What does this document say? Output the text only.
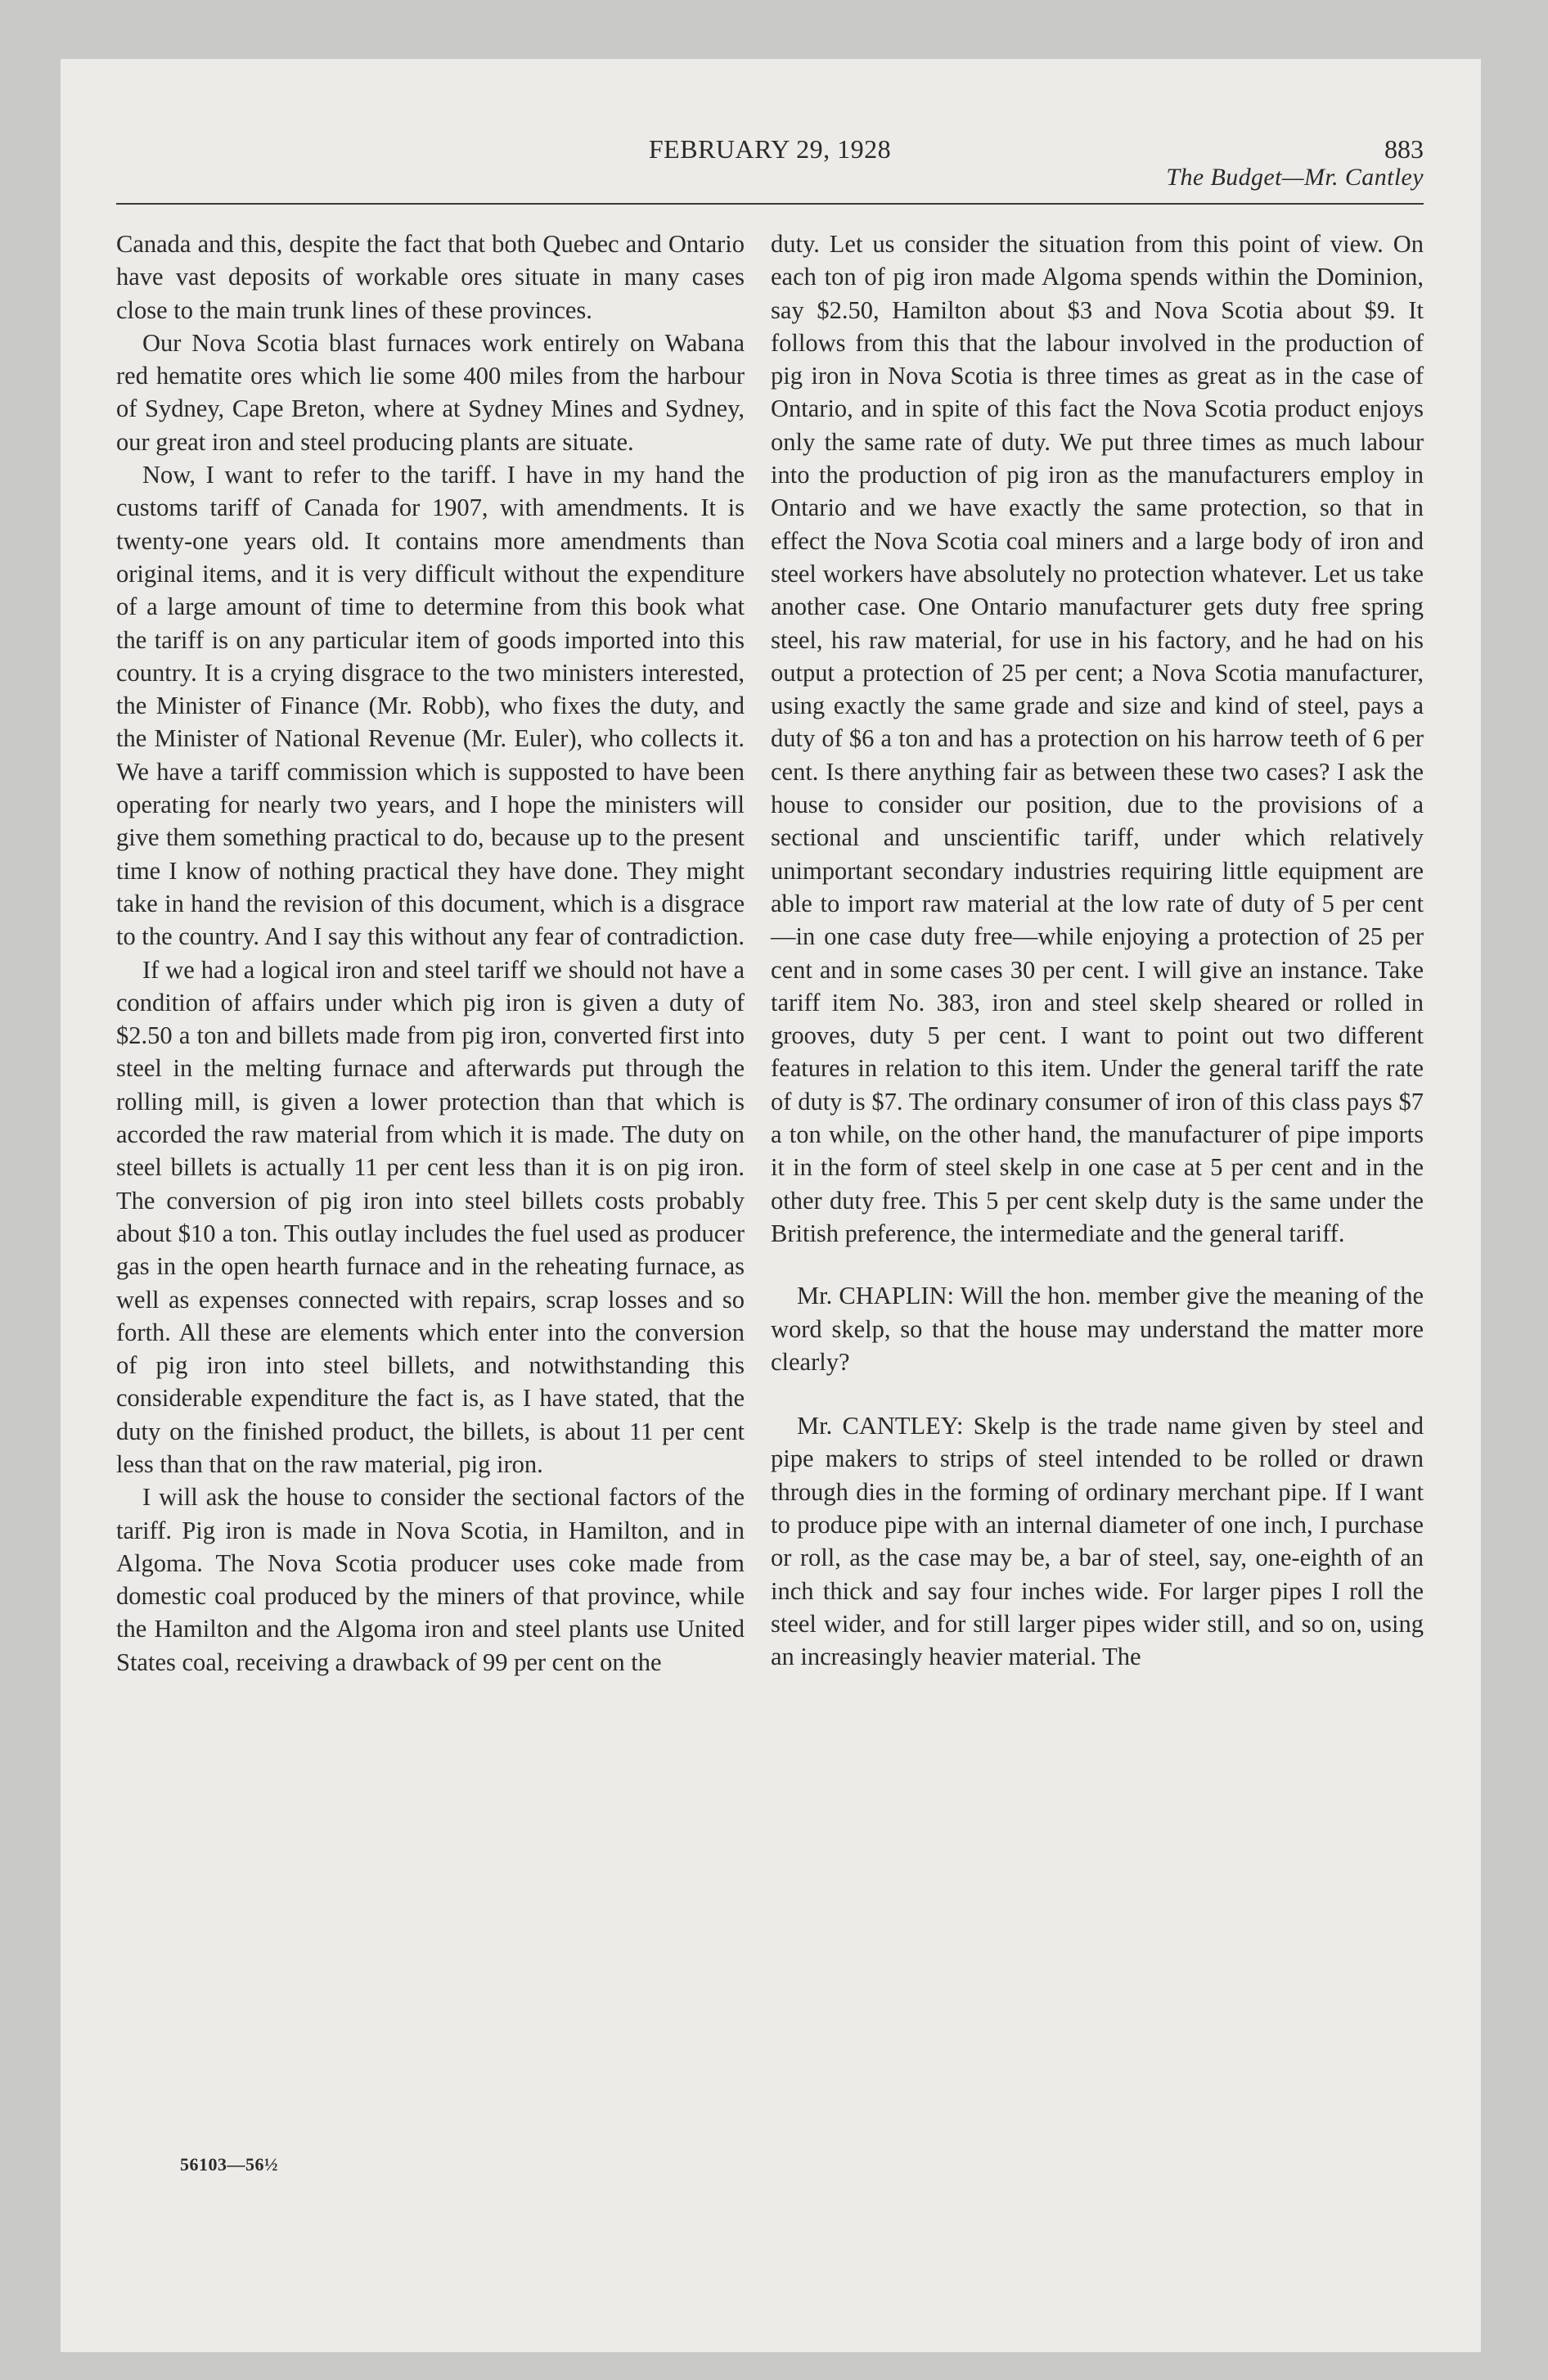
FEBRUARY 29, 1928	883
The Budget—Mr. Cantley

Canada and this, despite the fact that both Quebec and Ontario have vast deposits of workable ores situate in many cases close to the main trunk lines of these provinces.

Our Nova Scotia blast furnaces work entirely on Wabana red hematite ores which lie some 400 miles from the harbour of Sydney, Cape Breton, where at Sydney Mines and Sydney, our great iron and steel producing plants are situate.

Now, I want to refer to the tariff. I have in my hand the customs tariff of Canada for 1907, with amendments. It is twenty-one years old. It contains more amendments than original items, and it is very difficult without the expenditure of a large amount of time to determine from this book what the tariff is on any particular item of goods imported into this country. It is a crying disgrace to the two ministers interested, the Minister of Finance (Mr. Robb), who fixes the duty, and the Minister of National Revenue (Mr. Euler), who collects it. We have a tariff commission which is supposted to have been operating for nearly two years, and I hope the ministers will give them something practical to do, because up to the present time I know of nothing practical they have done. They might take in hand the revision of this document, which is a disgrace to the country. And I say this without any fear of contradiction.

If we had a logical iron and steel tariff we should not have a condition of affairs under which pig iron is given a duty of $2.50 a ton and billets made from pig iron, converted first into steel in the melting furnace and afterwards put through the rolling mill, is given a lower protection than that which is accorded the raw material from which it is made. The duty on steel billets is actually 11 per cent less than it is on pig iron. The conversion of pig iron into steel billets costs probably about $10 a ton. This outlay includes the fuel used as producer gas in the open hearth furnace and in the reheating furnace, as well as expenses connected with repairs, scrap losses and so forth. All these are elements which enter into the conversion of pig iron into steel billets, and notwithstanding this considerable expenditure the fact is, as I have stated, that the duty on the finished product, the billets, is about 11 per cent less than that on the raw material, pig iron.

I will ask the house to consider the sectional factors of the tariff. Pig iron is made in Nova Scotia, in Hamilton, and in Algoma. The Nova Scotia producer uses coke made from domestic coal produced by the miners of that province, while the Hamilton and the Algoma iron and steel plants use United States coal, receiving a drawback of 99 per cent on the

duty. Let us consider the situation from this point of view. On each ton of pig iron made Algoma spends within the Dominion, say $2.50, Hamilton about $3 and Nova Scotia about $9. It follows from this that the labour involved in the production of pig iron in Nova Scotia is three times as great as in the case of Ontario, and in spite of this fact the Nova Scotia product enjoys only the same rate of duty. We put three times as much labour into the production of pig iron as the manufacturers employ in Ontario and we have exactly the same protection, so that in effect the Nova Scotia coal miners and a large body of iron and steel workers have absolutely no protection whatever. Let us take another case. One Ontario manufacturer gets duty free spring steel, his raw material, for use in his factory, and he had on his output a protection of 25 per cent; a Nova Scotia manufacturer, using exactly the same grade and size and kind of steel, pays a duty of $6 a ton and has a protection on his harrow teeth of 6 per cent. Is there anything fair as between these two cases? I ask the house to consider our position, due to the provisions of a sectional and unscientific tariff, under which relatively unimportant secondary industries requiring little equipment are able to import raw material at the low rate of duty of 5 per cent—in one case duty free—while enjoying a protection of 25 per cent and in some cases 30 per cent. I will give an instance. Take tariff item No. 383, iron and steel skelp sheared or rolled in grooves, duty 5 per cent. I want to point out two different features in relation to this item. Under the general tariff the rate of duty is $7. The ordinary consumer of iron of this class pays $7 a ton while, on the other hand, the manufacturer of pipe imports it in the form of steel skelp in one case at 5 per cent and in the other duty free. This 5 per cent skelp duty is the same under the British preference, the intermediate and the general tariff.

Mr. CHAPLIN: Will the hon. member give the meaning of the word skelp, so that the house may understand the matter more clearly?

Mr. CANTLEY: Skelp is the trade name given by steel and pipe makers to strips of steel intended to be rolled or drawn through dies in the forming of ordinary merchant pipe. If I want to produce pipe with an internal diameter of one inch, I purchase or roll, as the case may be, a bar of steel, say, one-eighth of an inch thick and say four inches wide. For larger pipes I roll the steel wider, and for still larger pipes wider still, and so on, using an increasingly heavier material. The

56103—56½
